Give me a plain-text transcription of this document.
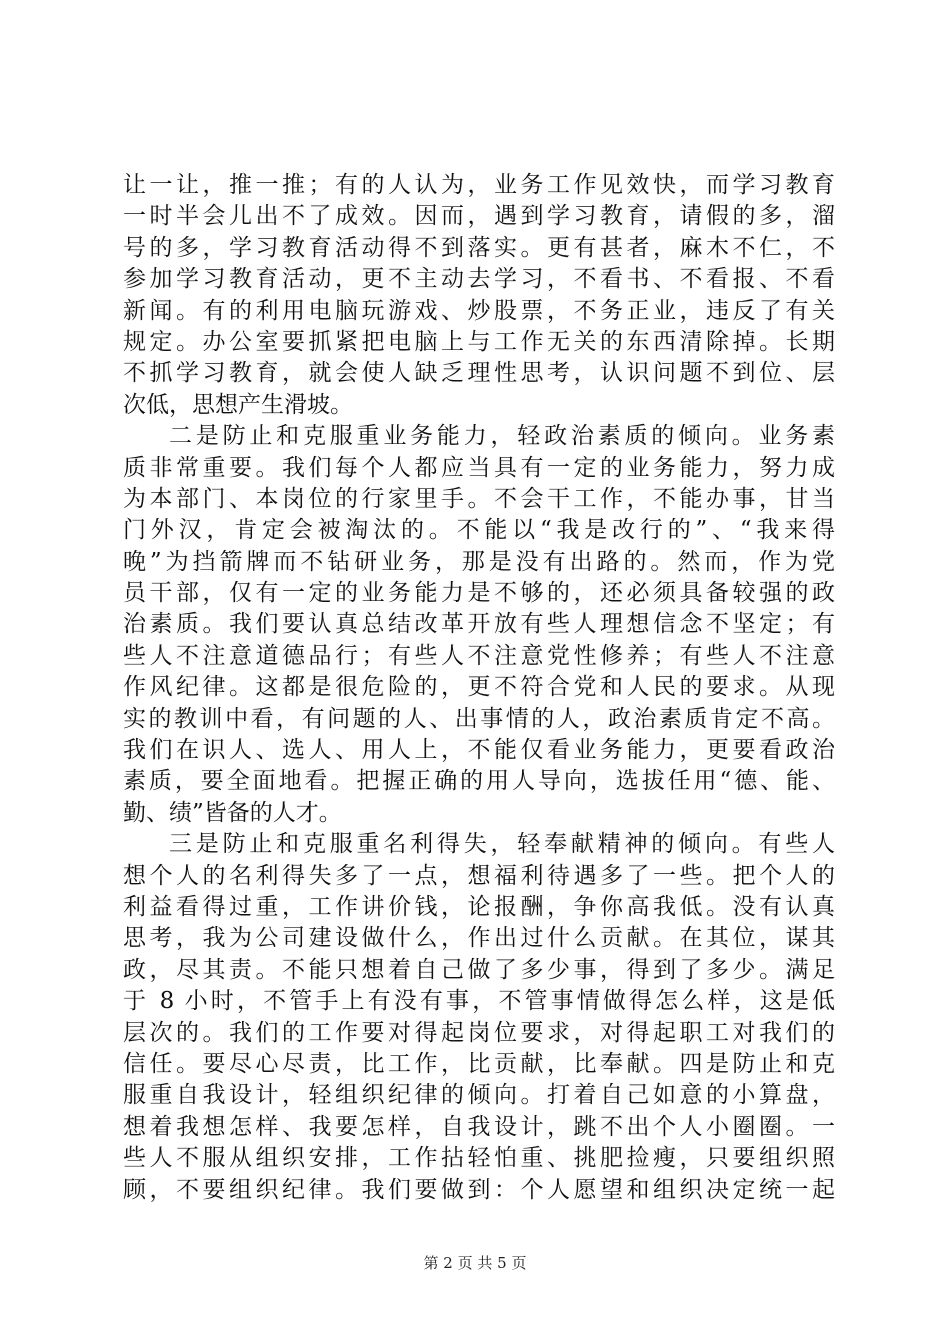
让一让，推一推；有的人认为，业务工作见效快，而学习教育
一时半会儿出不了成效。因而，遇到学习教育，请假的多，溜
号的多，学习教育活动得不到落实。更有甚者，麻木不仁，不
参加学习教育活动，更不主动去学习，不看书、不看报、不看
新闻。有的利用电脑玩游戏、炒股票，不务正业，违反了有关
规定。办公室要抓紧把电脑上与工作无关的东西清除掉。长期
不抓学习教育，就会使人缺乏理性思考，认识问题不到位、层
次低，思想产生滑坡。
二是防止和克服重业务能力，轻政治素质的倾向。业务素
质非常重要。我们每个人都应当具有一定的业务能力，努力成
为本部门、本岗位的行家里手。不会干工作，不能办事，甘当
门外汉，肯定会被淘汰的。不能以“我是改行的”、“我来得
晚”为挡箭牌而不钻研业务，那是没有出路的。然而，作为党
员干部，仅有一定的业务能力是不够的，还必须具备较强的政
治素质。我们要认真总结改革开放有些人理想信念不坚定；有
些人不注意道德品行；有些人不注意党性修养；有些人不注意
作风纪律。这都是很危险的，更不符合党和人民的要求。从现
实的教训中看，有问题的人、出事情的人，政治素质肯定不高。
我们在识人、选人、用人上，不能仅看业务能力，更要看政治
素质，要全面地看。把握正确的用人导向，选拔任用“德、能、
勤、绩”皆备的人才。
三是防止和克服重名利得失，轻奉献精神的倾向。有些人
想个人的名利得失多了一点，想福利待遇多了一些。把个人的
利益看得过重，工作讲价钱，论报酬，争你高我低。没有认真
思考，我为公司建设做什么，作出过什么贡献。在其位，谋其
政，尽其责。不能只想着自己做了多少事，得到了多少。满足
于 8 小时，不管手上有没有事，不管事情做得怎么样，这是低
层次的。我们的工作要对得起岗位要求，对得起职工对我们的
信任。要尽心尽责，比工作，比贡献，比奉献。四是防止和克
服重自我设计，轻组织纪律的倾向。打着自己如意的小算盘，
想着我想怎样、我要怎样，自我设计，跳不出个人小圈圈。一
些人不服从组织安排，工作拈轻怕重、挑肥捡瘦，只要组织照
顾，不要组织纪律。我们要做到：个人愿望和组织决定统一起
第 2 页 共 5 页
